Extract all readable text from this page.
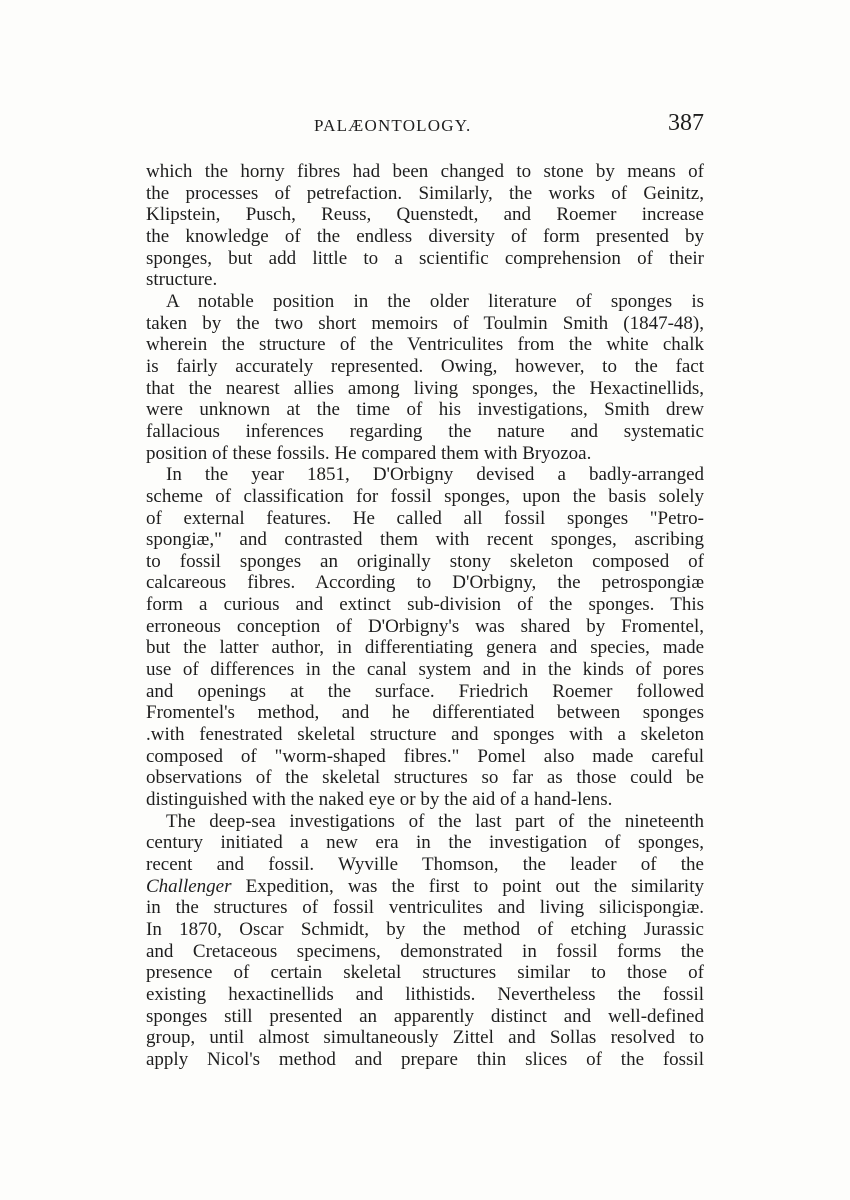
PALÆONTOLOGY.	387
which the horny fibres had been changed to stone by means of
the processes of petrefaction. Similarly, the works of Geinitz,
Klipstein, Pusch, Reuss, Quenstedt, and Roemer increase
the knowledge of the endless diversity of form presented by
sponges, but add little to a scientific comprehension of their
structure.
A notable position in the older literature of sponges is
taken by the two short memoirs of Toulmin Smith (1847-48),
wherein the structure of the Ventriculites from the white chalk
is fairly accurately represented. Owing, however, to the fact
that the nearest allies among living sponges, the Hexactinellids,
were unknown at the time of his investigations, Smith drew
fallacious inferences regarding the nature and systematic
position of these fossils. He compared them with Bryozoa.
In the year 1851, D'Orbigny devised a badly-arranged
scheme of classification for fossil sponges, upon the basis solely
of external features. He called all fossil sponges "Petro-
spongiæ," and contrasted them with recent sponges, ascribing
to fossil sponges an originally stony skeleton composed of
calcareous fibres. According to D'Orbigny, the petrospongiæ
form a curious and extinct sub-division of the sponges. This
erroneous conception of D'Orbigny's was shared by Fromentel,
but the latter author, in differentiating genera and species, made
use of differences in the canal system and in the kinds of pores
and openings at the surface. Friedrich Roemer followed
Fromentel's method, and he differentiated between sponges
.with fenestrated skeletal structure and sponges with a skeleton
composed of "worm-shaped fibres." Pomel also made careful
observations of the skeletal structures so far as those could be
distinguished with the naked eye or by the aid of a hand-lens.
The deep-sea investigations of the last part of the nineteenth
century initiated a new era in the investigation of sponges,
recent and fossil. Wyville Thomson, the leader of the
Challenger Expedition, was the first to point out the similarity
in the structures of fossil ventriculites and living silicispongiæ.
In 1870, Oscar Schmidt, by the method of etching Jurassic
and Cretaceous specimens, demonstrated in fossil forms the
presence of certain skeletal structures similar to those of
existing hexactinellids and lithistids. Nevertheless the fossil
sponges still presented an apparently distinct and well-defined
group, until almost simultaneously Zittel and Sollas resolved to
apply Nicol's method and prepare thin slices of the fossil
